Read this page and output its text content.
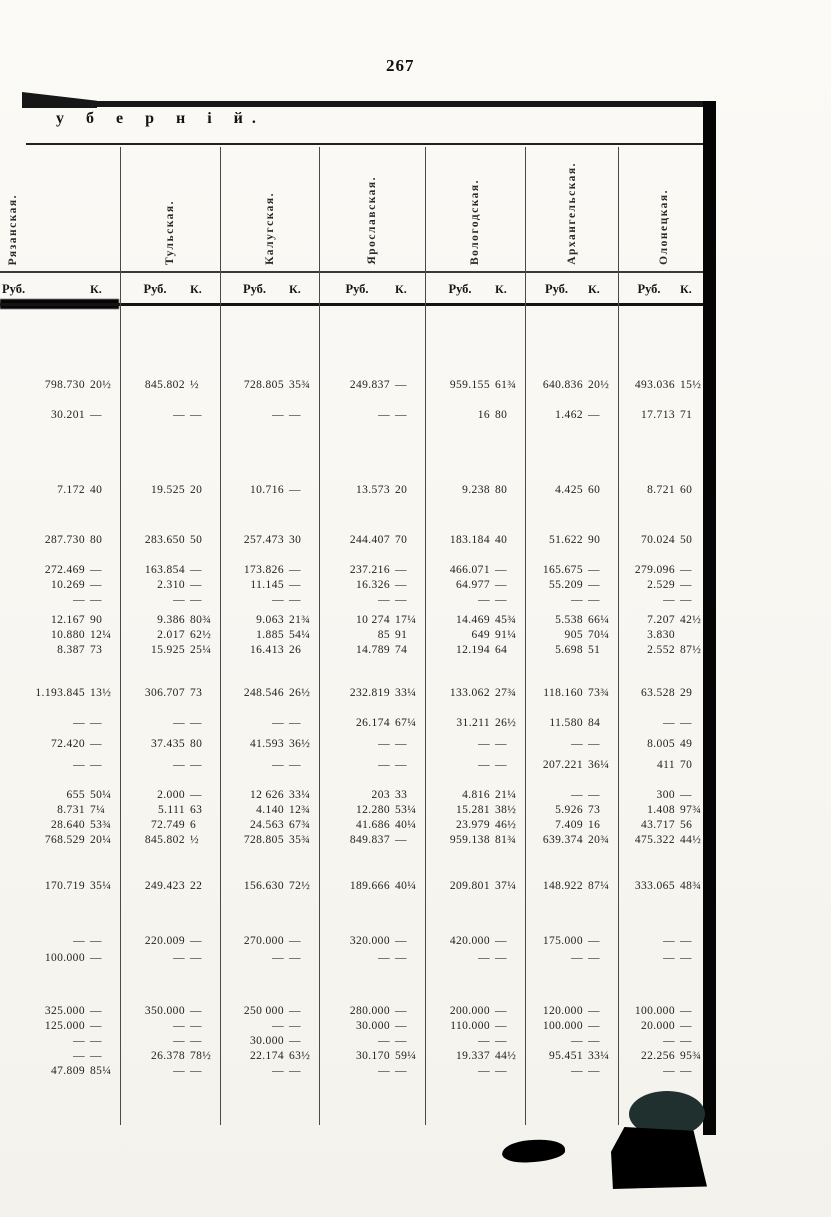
267
у б е р н і й.
Рязанская.	Тульская.	Калугская.	Ярославская.	Вологодская.	Архангельская.	Олонецкая.
Руб.	К.	Руб.	К.	Руб.	К.	Руб.	К.	Руб.	К.	Руб.	К.	Руб.	К.
798.730 20½	845.802 ½	728.805 35¾	249.837 —	959.155 61¾	640.836 20½	493.036 15½
30.201 —	— —	— —	— —	16 80	1.462 —	17.713 71
7.172 40	19.525 20	10.716 —	13.573 20	9.238 80	4.425 60	8.721 60
287.730 80	283.650 50	257.473 30	244.407 70	183.184 40	51.622 90	70.024 50
272.469 —	163.854 —	173.826 —	237.216 —	466.071 —	165.675 —	279.096 —
10.269 —	2.310 —	11.145 —	16.326 —	64.977 —	55.209 —	2.529 —
— —	— —	— —	— —	— —	— —	— —
12.167 90	9.386 80¾	9.063 21¾	10 274 17¼	14.469 45¾	5.538 66¼	7.207 42½
10.880 12¼	2.017 62½	1.885 54¼	85 91	649 91¼	905 70¼	3.830
8.387 73	15.925 25¼	16.413 26	14.789 74	12.194 64	5.698 51	2.552 87½
1.193.845 13½	306.707 73	248.546 26½	232.819 33¼	133.062 27¾	118.160 73¾	63.528 29
— —	— —	— —	26.174 67¼	31.211 26½	11.580 84	— —
72.420 —	37.435 80	41.593 36½	— —	— —	— —	8.005 49
— —	— —	— —	— —	— —	207.221 36¼	411 70
655 50¼	2.000 —	12 626 33¼	203 33	4.816 21¼	— —	300 —
8.731 7¼	5.111 63	4.140 12¾	12.280 53¼	15.281 38½	5.926 73	1.408 97¾
28.640 53¾	72.749 6	24.563 67¾	41.686 40¼	23.979 46½	7.409 16	43.717 56
768.529 20¼	845.802 ½	728.805 35¾	849.837 —	959.138 81¾	639.374 20¾	475.322 44½
170.719 35¼	249.423 22	156.630 72½	189.666 40¼	209.801 37¼	148.922 87¼	333.065 48¾
— —	220.009 —	270.000 —	320.000 —	420.000 —	175.000 —	— —
100.000 —	— —	— —	— —	— —	— —	— —
325.000 —	350.000 —	250 000 —	280.000 —	200.000 —	120.000 —	100.000 —
125.000 —	— —	— —	30.000 —	110.000 —	100.000 —	20.000 —
— —	— —	30.000 —	— —	— —	— —	— —
— —	26.378 78½	22.174 63½	30.170 59¼	19.337 44½	95.451 33¼	22.256 95¾
47.809 85¼	— —	— —	— —	— —	— —	— —
